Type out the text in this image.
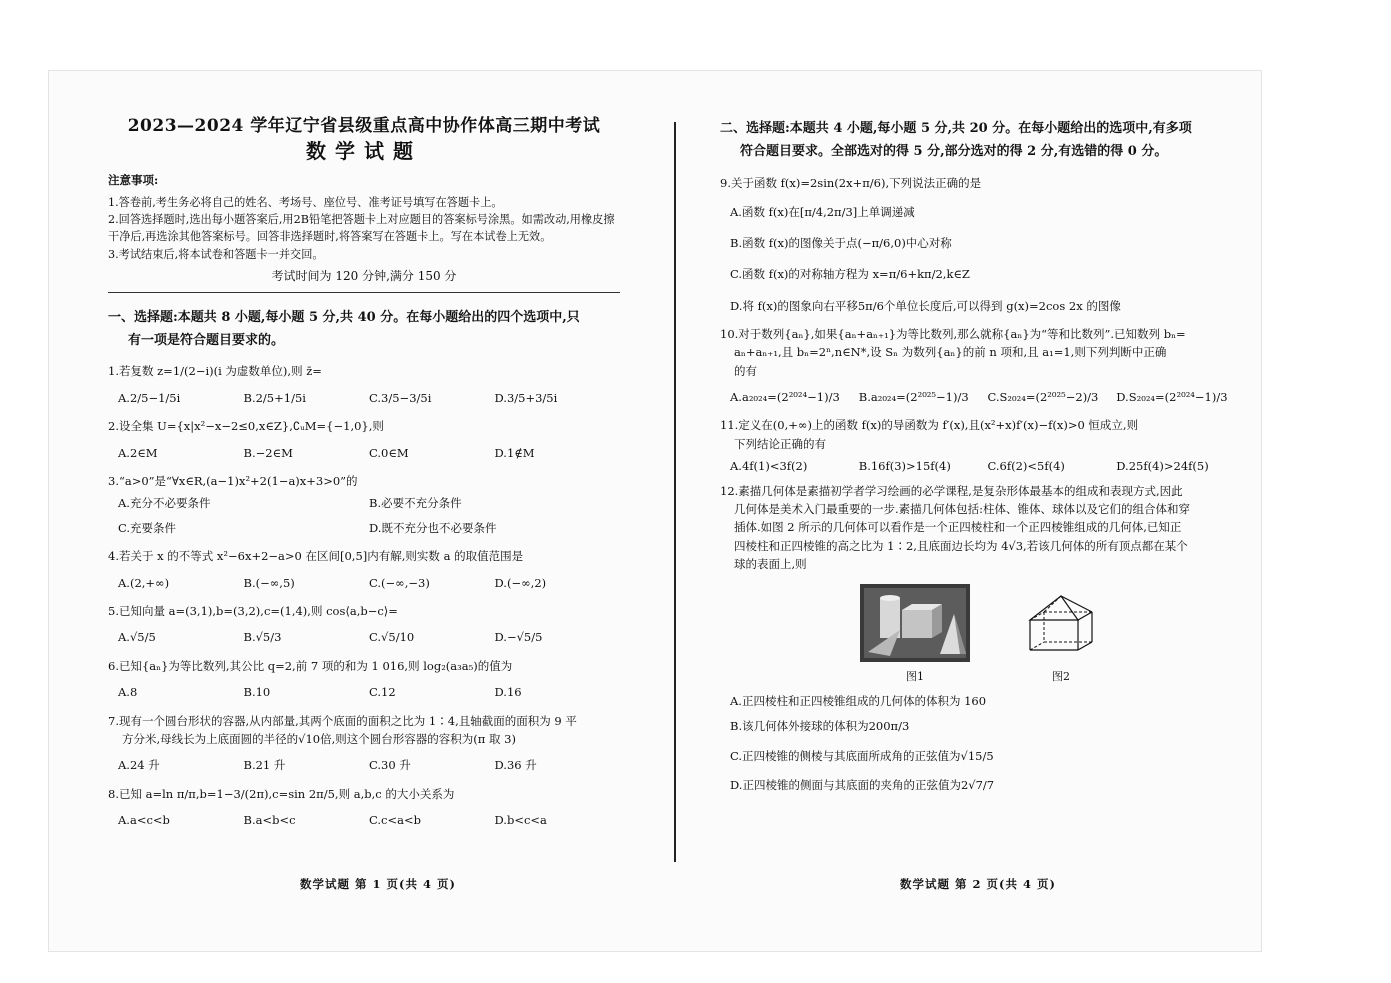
2023—2024 学年辽宁省县级重点高中协作体高三期中考试
数学试题
注意事项:
1.答卷前,考生务必将自己的姓名、考场号、座位号、准考证号填写在答题卡上。
2.回答选择题时,选出每小题答案后,用2B铅笔把答题卡上对应题目的答案标号涂黑。如需改动,用橡皮擦干净后,再选涂其他答案标号。回答非选择题时,将答案写在答题卡上。写在本试卷上无效。
3.考试结束后,将本试卷和答题卡一并交回。
考试时间为 120 分钟,满分 150 分
一、选择题:本题共 8 小题,每小题 5 分,共 40 分。在每小题给出的四个选项中,只
有一项是符合题目要求的。
1.若复数 z=1/(2−i)(i 为虚数单位),则 z̄=
A.2/5−1/5i	B.2/5+1/5i	C.3/5−3/5i	D.3/5+3/5i
2.设全集 U={x|x²−x−2≤0,x∈Z},∁ᵤM={−1,0},则
A.2∈M	B.−2∈M	C.0∈M	D.1∉M
3.“a>0”是“∀x∈R,(a−1)x²+2(1−a)x+3>0”的
A.充分不必要条件	B.必要不充分条件
C.充要条件	D.既不充分也不必要条件
4.若关于 x 的不等式 x²−6x+2−a>0 在区间[0,5]内有解,则实数 a 的取值范围是
A.(2,+∞)	B.(−∞,5)	C.(−∞,−3)	D.(−∞,2)
5.已知向量 a=(3,1),b=(3,2),c=(1,4),则 cos⟨a,b−c⟩=
A.√5/5	B.√5/3	C.√5/10	D.−√5/5
6.已知{aₙ}为等比数列,其公比 q=2,前 7 项的和为 1 016,则 log₂(a₃a₅)的值为
A.8	B.10	C.12	D.16
7.现有一个圆台形状的容器,从内部量,其两个底面的面积之比为 1∶4,且轴截面的面积为 9 平
方分米,母线长为上底面圆的半径的√10倍,则这个圆台形容器的容积为(π 取 3)
A.24 升	B.21 升	C.30 升	D.36 升
8.已知 a=ln π/π,b=1−3/(2π),c=sin 2π/5,则 a,b,c 的大小关系为
A.a<c<b	B.a<b<c	C.c<a<b	D.b<c<a
数学试题 第 1 页(共 4 页)
二、选择题:本题共 4 小题,每小题 5 分,共 20 分。在每小题给出的选项中,有多项
符合题目要求。全部选对的得 5 分,部分选对的得 2 分,有选错的得 0 分。
9.关于函数 f(x)=2sin(2x+π/6),下列说法正确的是
A.函数 f(x)在[π/4,2π/3]上单调递减
B.函数 f(x)的图像关于点(−π/6,0)中心对称
C.函数 f(x)的对称轴方程为 x=π/6+kπ/2,k∈Z
D.将 f(x)的图象向右平移5π/6个单位长度后,可以得到 g(x)=2cos 2x 的图像
10.对于数列{aₙ},如果{aₙ+aₙ₊₁}为等比数列,那么就称{aₙ}为“等和比数列”.已知数列 bₙ=
aₙ+aₙ₊₁,且 bₙ=2ⁿ,n∈N*,设 Sₙ 为数列{aₙ}的前 n 项和,且 a₁=1,则下列判断中正确
的有
A.a₂₀₂₄=(2²⁰²⁴−1)/3	B.a₂₀₂₄=(2²⁰²⁵−1)/3	C.S₂₀₂₄=(2²⁰²⁵−2)/3	D.S₂₀₂₄=(2²⁰²⁴−1)/3
11.定义在(0,+∞)上的函数 f(x)的导函数为 f′(x),且(x²+x)f′(x)−f(x)>0 恒成立,则
下列结论正确的有
A.4f(1)<3f(2)	B.16f(3)>15f(4)	C.6f(2)<5f(4)	D.25f(4)>24f(5)
12.素描几何体是素描初学者学习绘画的必学课程,是复杂形体最基本的组成和表现方式,因此
几何体是美术入门最重要的一步.素描几何体包括:柱体、锥体、球体以及它们的组合体和穿
插体.如图 2 所示的几何体可以看作是一个正四棱柱和一个正四棱锥组成的几何体,已知正
四棱柱和正四棱锥的高之比为 1∶2,且底面边长均为 4√3,若该几何体的所有顶点都在某个
球的表面上,则
图1	图2
A.正四棱柱和正四棱锥组成的几何体的体积为 160
B.该几何体外接球的体积为200π/3
C.正四棱锥的侧棱与其底面所成角的正弦值为√15/5
D.正四棱锥的侧面与其底面的夹角的正弦值为2√7/7
数学试题 第 2 页(共 4 页)
